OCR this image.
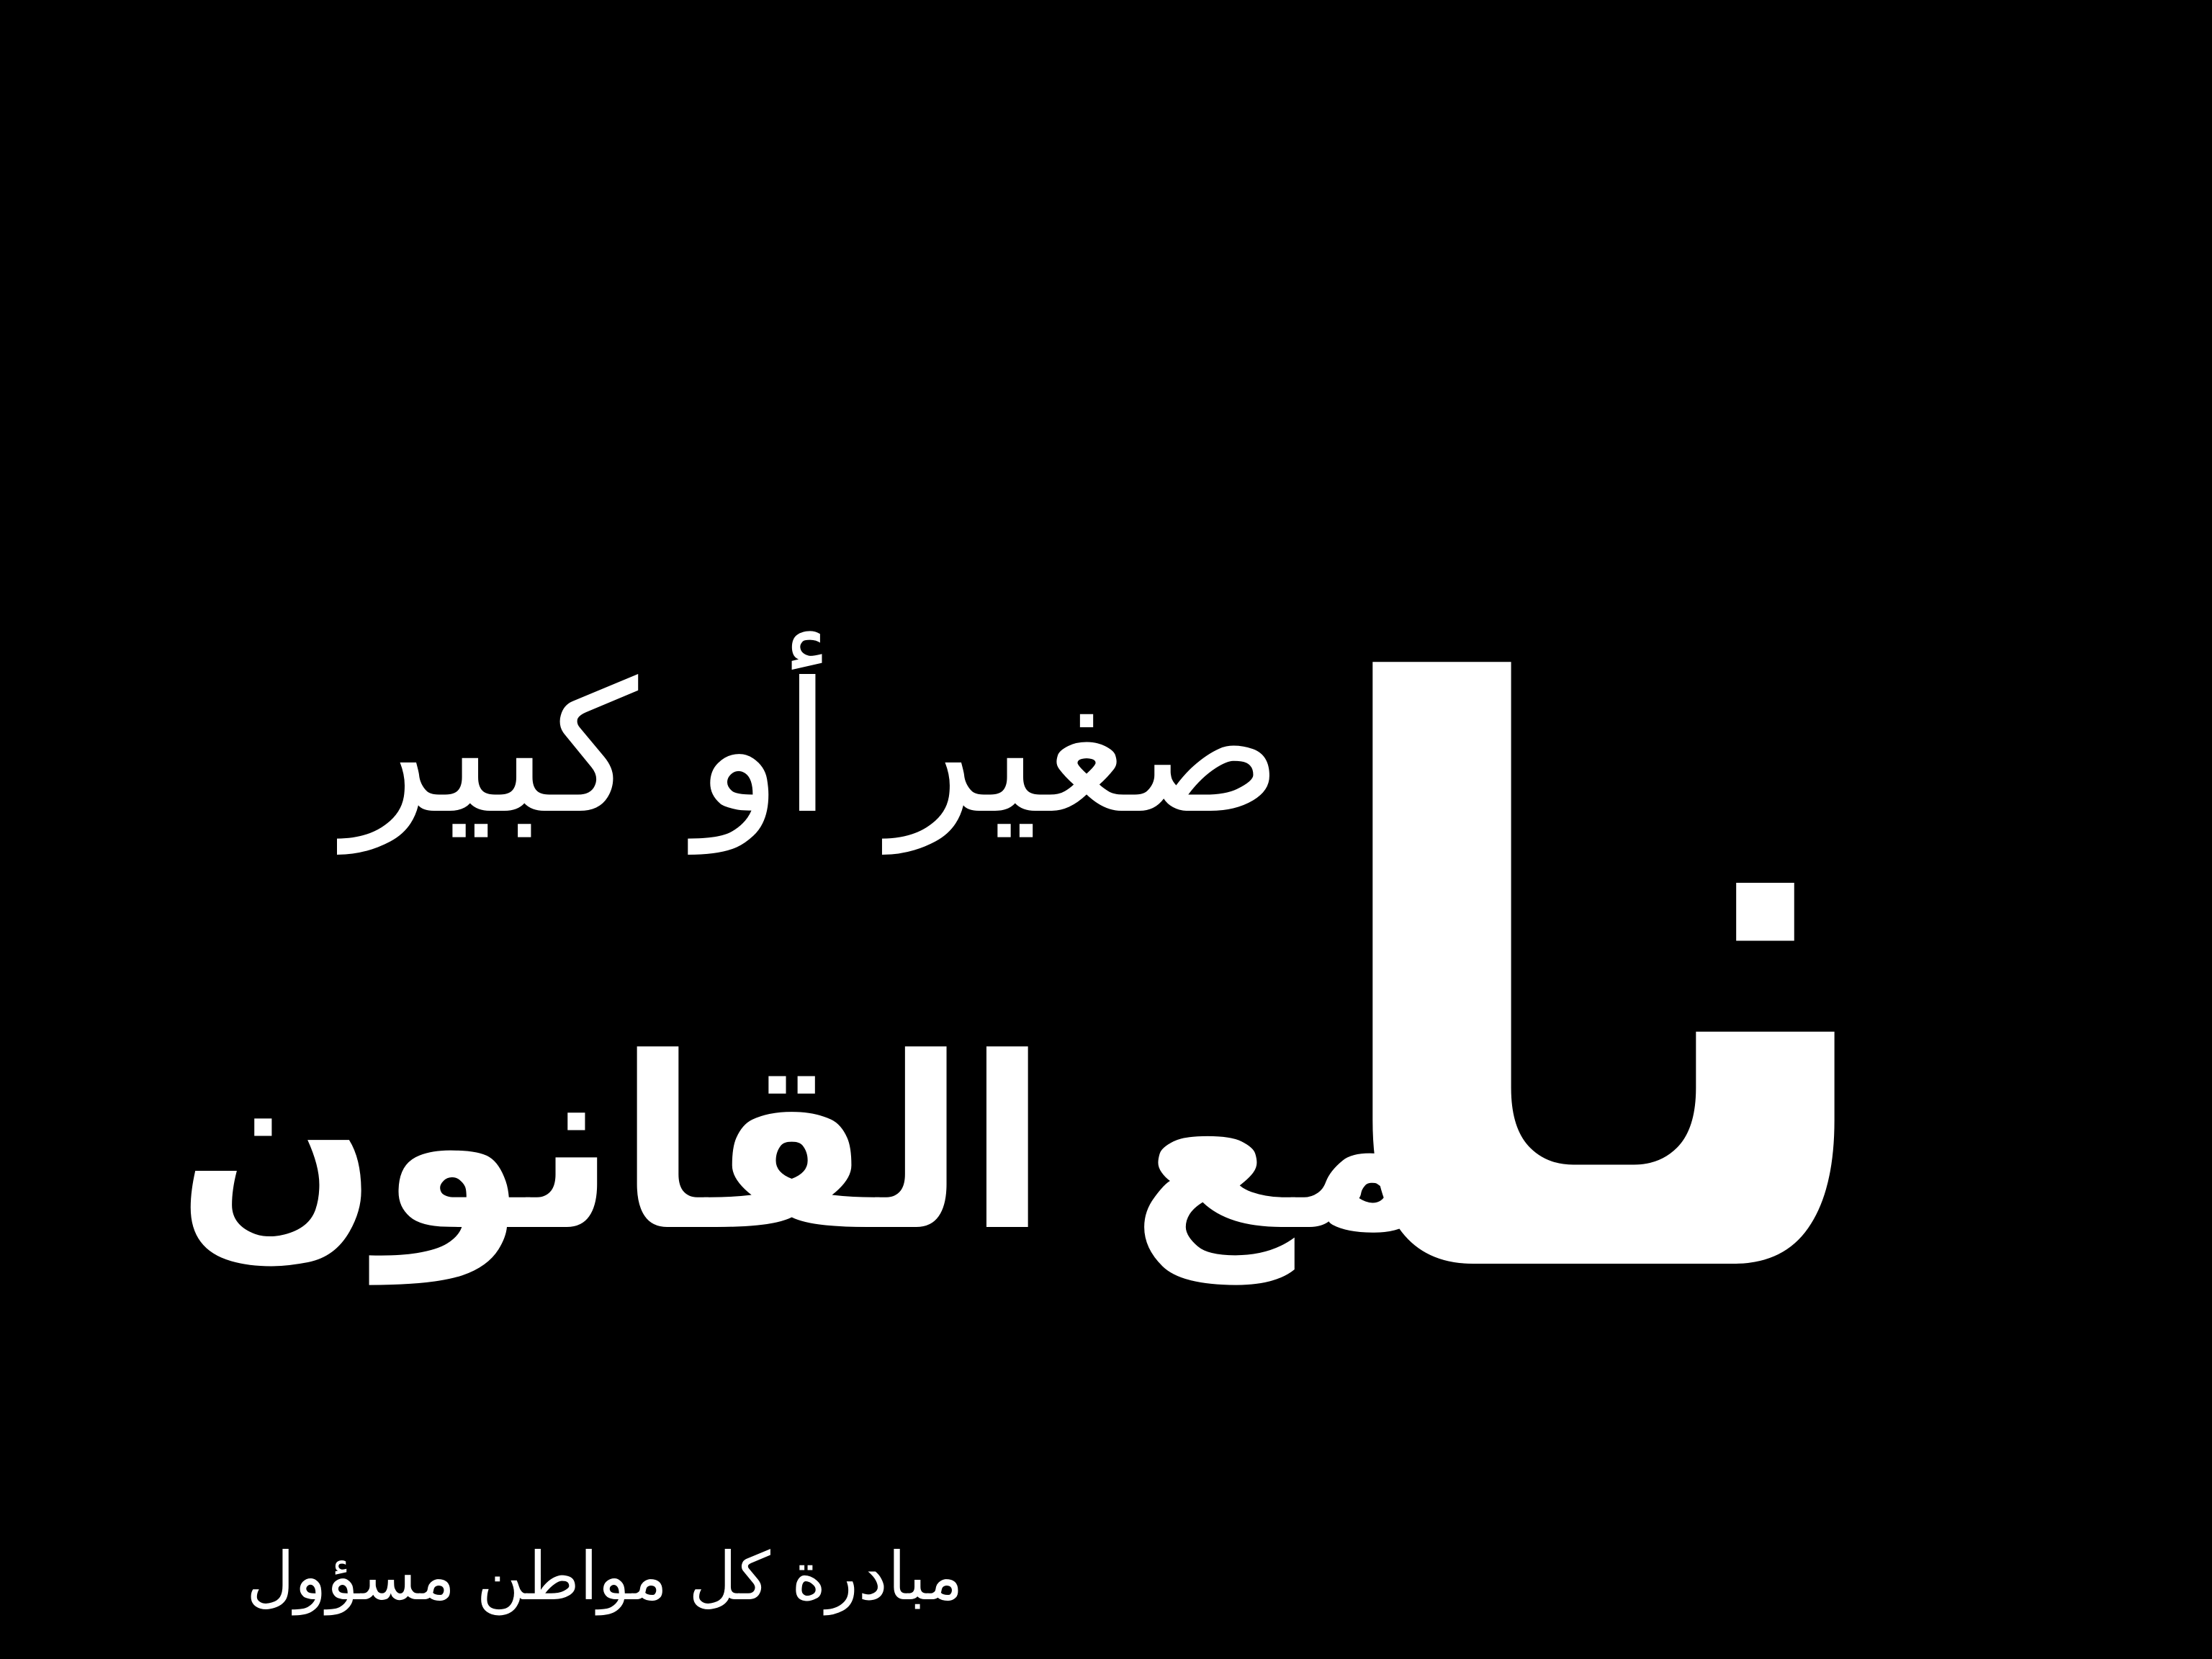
نا
صغير أو كبير
مع القانون
مبادرة كل مواطن مسؤول
